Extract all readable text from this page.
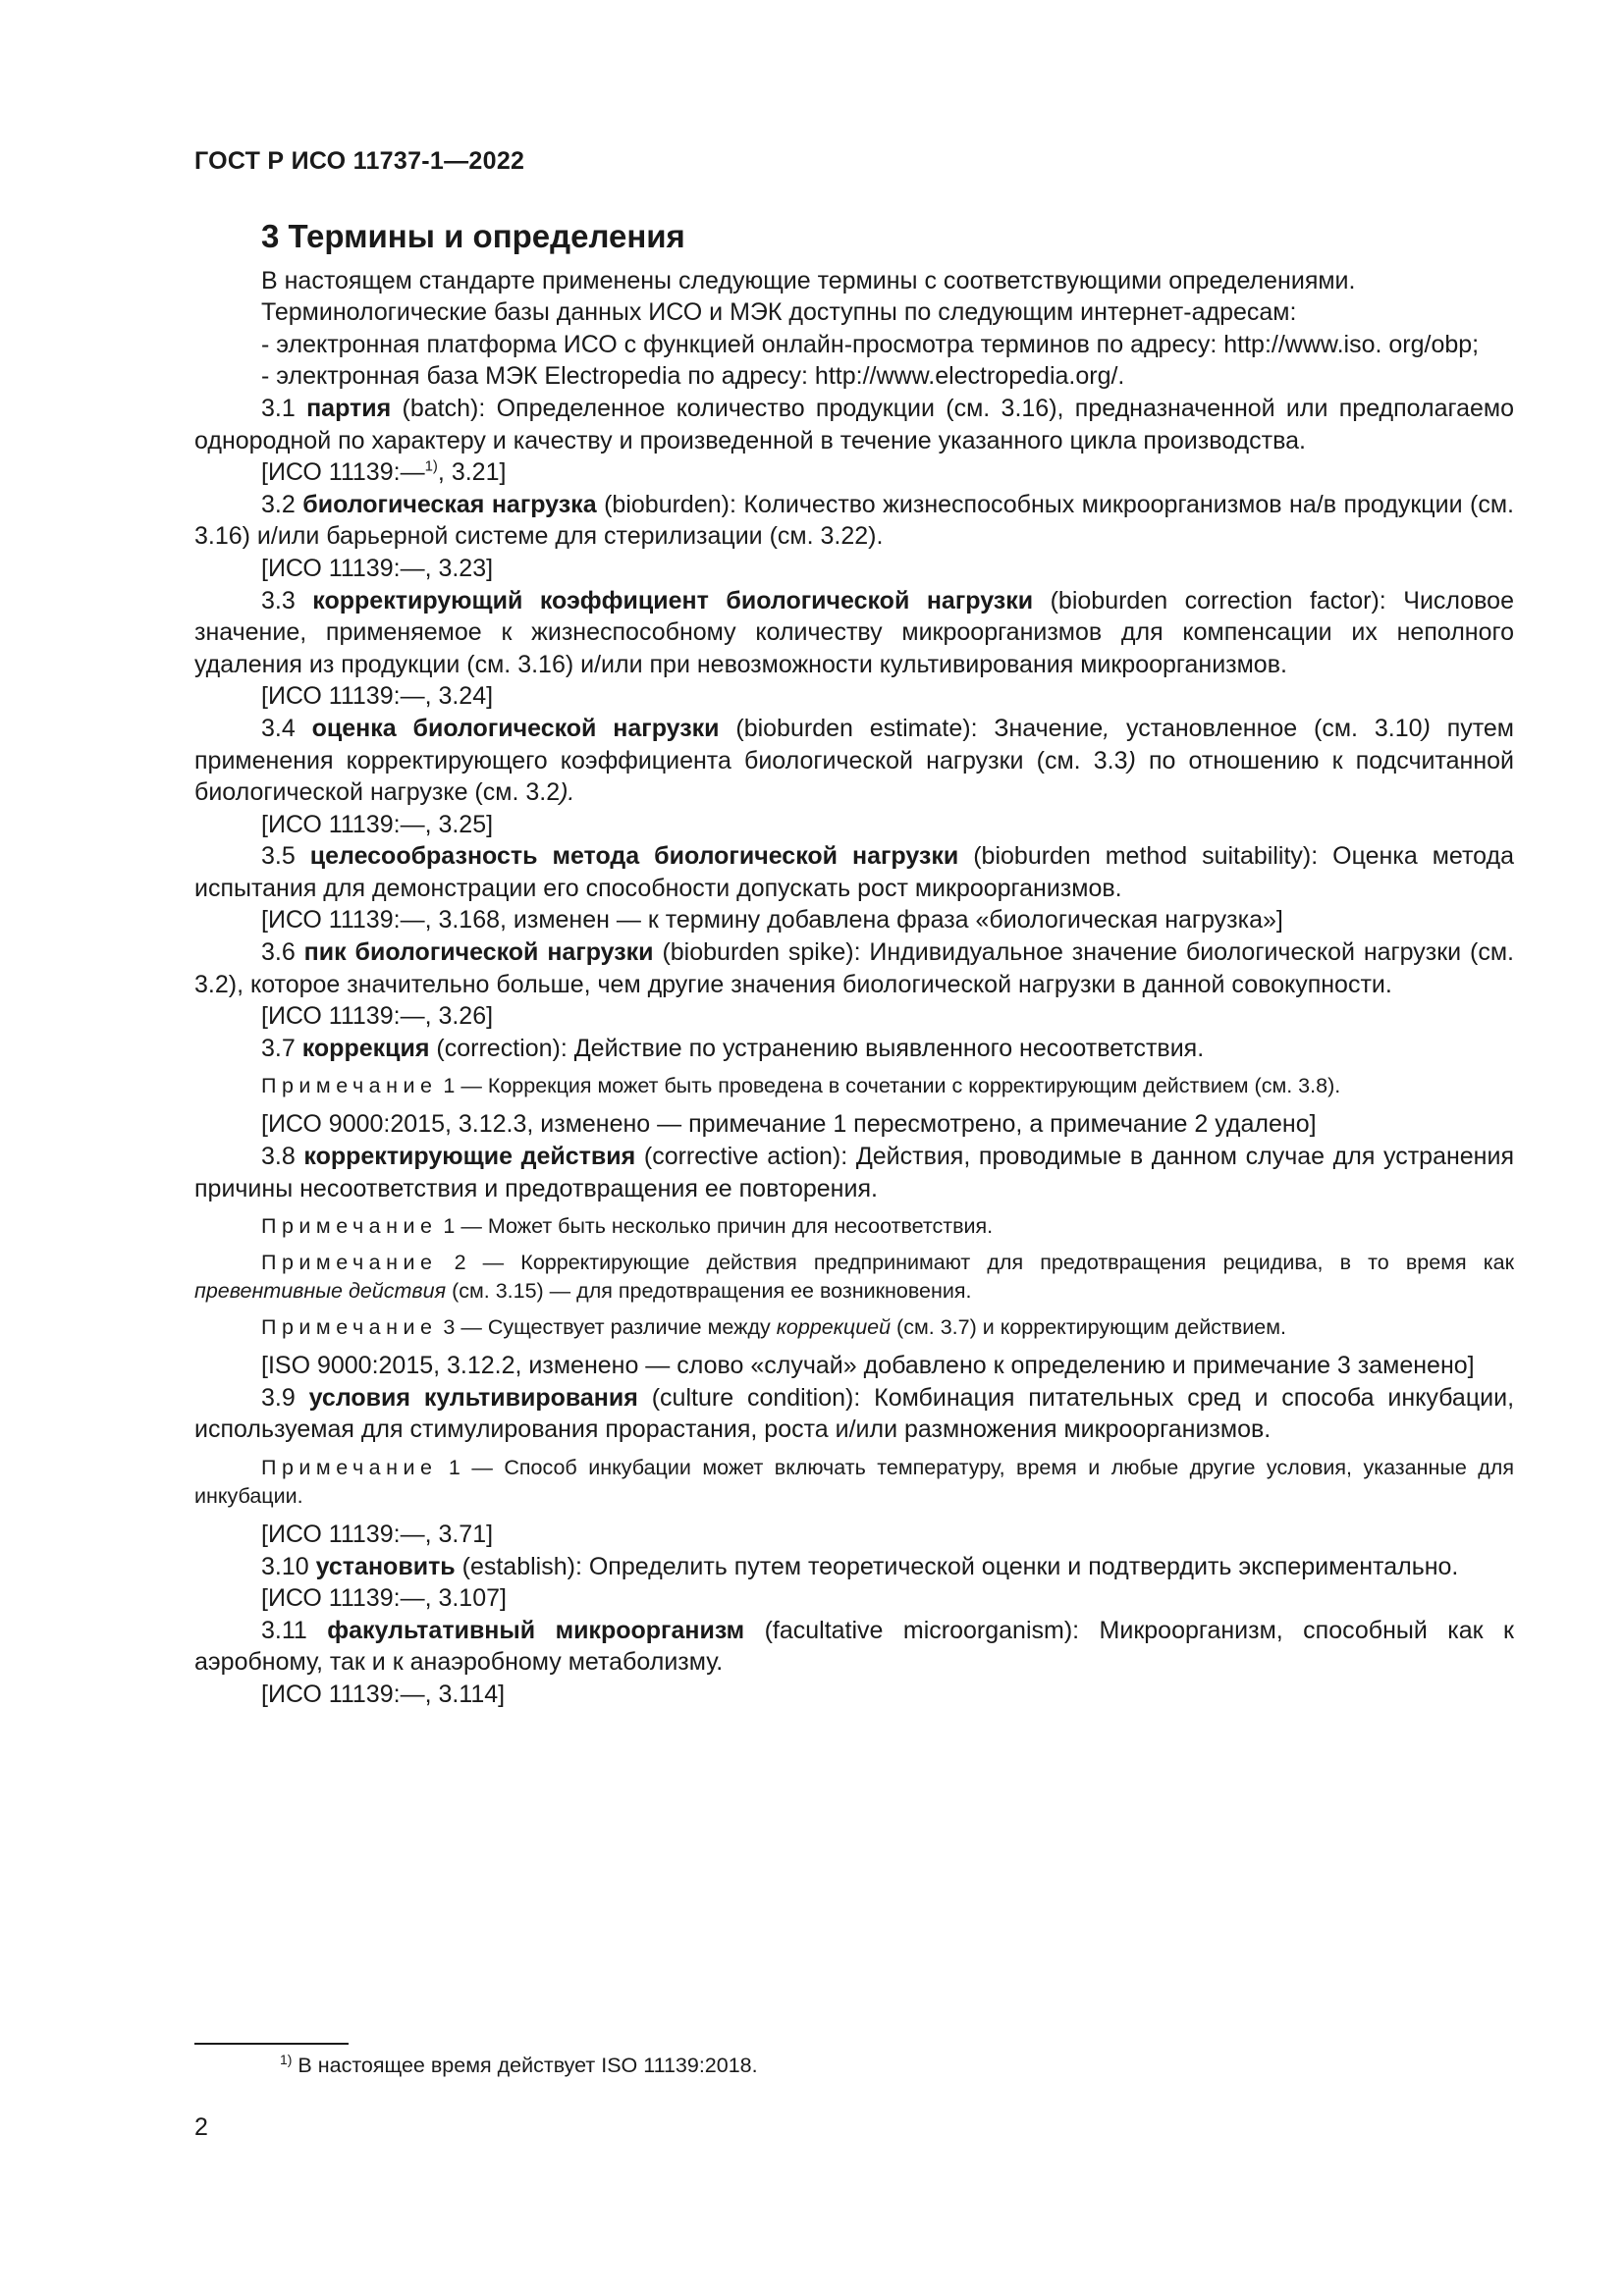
ГОСТ Р ИСО 11737-1—2022

3 Термины и определения

В настоящем стандарте применены следующие термины с соответствующими определениями.

Терминологические базы данных ИСО и МЭК доступны по следующим интернет-адресам:

- электронная платформа ИСО с функцией онлайн-просмотра терминов по адресу: http://www.iso. org/obp;

- электронная база МЭК Electropedia по адресу: http://www.electropedia.org/.

3.1 партия (batch): Определенное количество продукции (см. 3.16), предназначенной или предполагаемо однородной по характеру и качеству и произведенной в течение указанного цикла производства.

[ИСО 11139:—$^{1)}$, 3.21]

3.2 биологическая нагрузка (bioburden): Количество жизнеспособных микроорганизмов на/в продукции (см. 3.16) и/или барьерной системе для стерилизации (см. 3.22).

[ИСО 11139:—, 3.23]

3.3 корректирующий коэффициент биологической нагрузки (bioburden correction factor): Числовое значение, применяемое к жизнеспособному количеству микроорганизмов для компенсации их неполного удаления из продукции (см. 3.16) и/или при невозможности культивирования микроорганизмов.

[ИСО 11139:—, 3.24]

3.4 оценка биологической нагрузки (bioburden estimate): Значение, установленное (см. 3.10) путем применения корректирующего коэффициента биологической нагрузки (см. 3.3) по отношению к подсчитанной биологической нагрузке (см. 3.2).

[ИСО 11139:—, 3.25]

3.5 целесообразность метода биологической нагрузки (bioburden method suitability): Оценка метода испытания для демонстрации его способности допускать рост микроорганизмов.

[ИСО 11139:—, 3.168, изменен — к термину добавлена фраза «биологическая нагрузка»]

3.6 пик биологической нагрузки (bioburden spike): Индивидуальное значение биологической нагрузки (см. 3.2), которое значительно больше, чем другие значения биологической нагрузки в данной совокупности.

[ИСО 11139:—, 3.26]

3.7 коррекция (correction): Действие по устранению выявленного несоответствия.

Примечание 1 — Коррекция может быть проведена в сочетании с корректирующим действием (см. 3.8).

[ИСО 9000:2015, 3.12.3, изменено — примечание 1 пересмотрено, а примечание 2 удалено]

3.8 корректирующие действия (corrective action): Действия, проводимые в данном случае для устранения причины несоответствия и предотвращения ее повторения.

Примечание 1 — Может быть несколько причин для несоответствия.

Примечание 2 — Корректирующие действия предпринимают для предотвращения рецидива, в то время как превентивные действия (см. 3.15) — для предотвращения ее возникновения.

Примечание 3 — Существует различие между коррекцией (см. 3.7) и корректирующим действием.

[ISO 9000:2015, 3.12.2, изменено — слово «случай» добавлено к определению и примечание 3 заменено]

3.9 условия культивирования (culture condition): Комбинация питательных сред и способа инкубации, используемая для стимулирования прорастания, роста и/или размножения микроорганизмов.

Примечание 1 — Способ инкубации может включать температуру, время и любые другие условия, указанные для инкубации.

[ИСО 11139:—, 3.71]

3.10 установить (establish): Определить путем теоретической оценки и подтвердить экспериментально.

[ИСО 11139:—, 3.107]

3.11 факультативный микроорганизм (facultative microorganism): Микроорганизм, способный как к аэробному, так и к анаэробному метаболизму.

[ИСО 11139:—, 3.114]

$^{1)}$ В настоящее время действует ISO 11139:2018.
2
